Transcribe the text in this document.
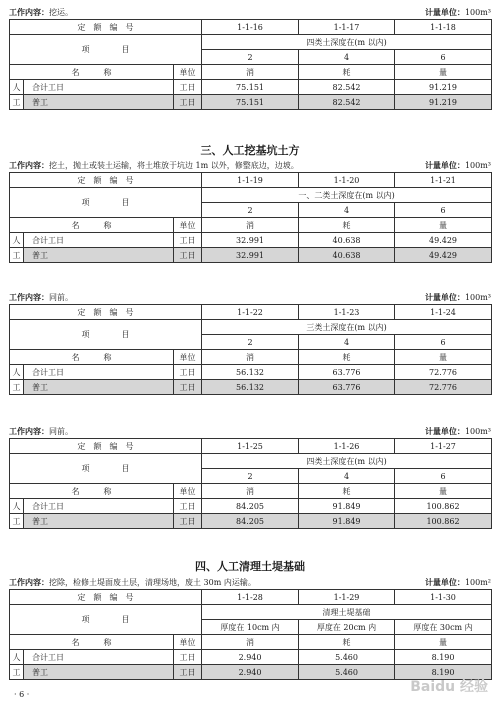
工作内容：挖运。	计量单位：100m³
定　额　编　号			1-1-16	1-1-17	1-1-18
项　　　　目			四类土深度在(m 以内)		
			2	4	6
名　　　称		单位	消	耗	量
人	合计工日	工日	75.151	82.542	91.219
工	普工	工日	75.151	82.542	91.219
三、人工挖基坑土方
工作内容：挖土，抛土或装土运输，将土堆放于坑边 1m 以外，修整底边，边坡。	计量单位：100m³
定　额　编　号			1-1-19	1-1-20	1-1-21
项　　　　目			一、二类土深度在(m 以内)		
			2	4	6
名　　　称		单位	消	耗	量
人	合计工日	工日	32.991	40.638	49.429
工	普工	工日	32.991	40.638	49.429
工作内容：同前。	计量单位：100m³
定　额　编　号			1-1-22	1-1-23	1-1-24
项　　　　目			三类土深度在(m 以内)		
			2	4	6
名　　　称		单位	消	耗	量
人	合计工日	工日	56.132	63.776	72.776
工	普工	工日	56.132	63.776	72.776
工作内容：同前。	计量单位：100m³
定　额　编　号			1-1-25	1-1-26	1-1-27
项　　　　目			四类土深度在(m 以内)		
			2	4	6
名　　　称		单位	消	耗	量
人	合计工日	工日	84.205	91.849	100.862
工	普工	工日	84.205	91.849	100.862
四、人工清理土堤基础
工作内容：挖除，检修土堤面废土层，清理场地，废土 30m 内运输。	计量单位：100m²
定　额　编　号			1-1-28	1-1-29	1-1-30
项　　　　目			清理土堤基础		
			厚度在 10cm 内	厚度在 20cm 内	厚度在 30cm 内
名　　　称		单位	消	耗	量
人	合计工日	工日	2.940	5.460	8.190
工	普工	工日	2.940	5.460	8.190
· 6 ·	Baidu 经验
